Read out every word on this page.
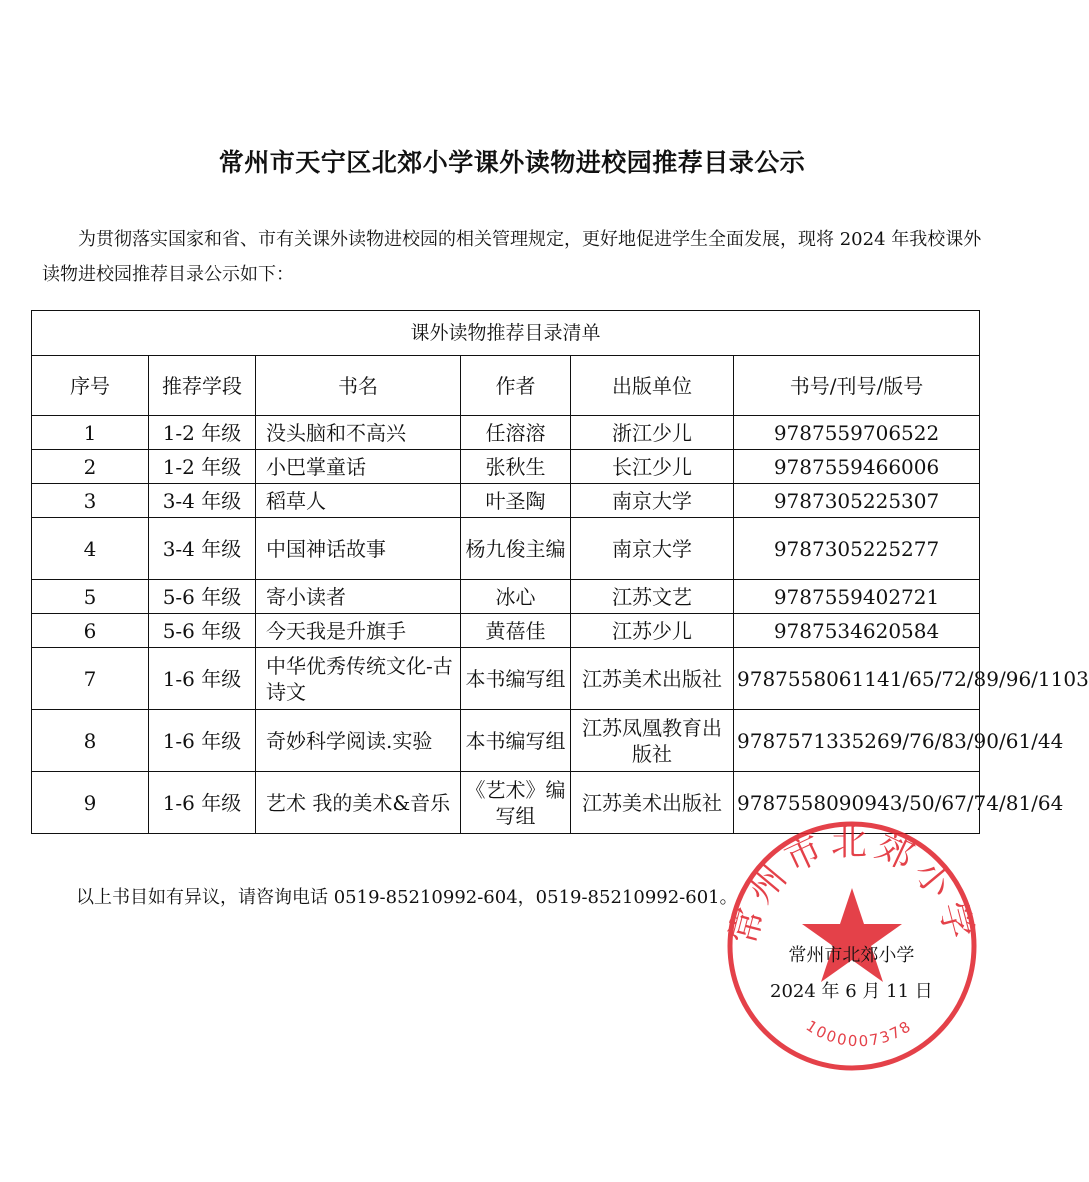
常州市天宁区北郊小学课外读物进校园推荐目录公示
为贯彻落实国家和省、市有关课外读物进校园的相关管理规定，更好地促进学生全面发展，现将 2024 年我校课外读物进校园推荐目录公示如下：
课外读物推荐目录清单					
序号	推荐学段	书名	作者	出版单位	书号/刊号/版号
1	1-2 年级	没头脑和不高兴	任溶溶	浙江少儿	9787559706522
2	1-2 年级	小巴掌童话	张秋生	长江少儿	9787559466006
3	3-4 年级	稻草人	叶圣陶	南京大学	9787305225307
4	3-4 年级	中国神话故事	杨九俊主编	南京大学	9787305225277
5	5-6 年级	寄小读者	冰心	江苏文艺	9787559402721
6	5-6 年级	今天我是升旗手	黄蓓佳	江苏少儿	9787534620584
7	1-6 年级	中华优秀传统文化-古诗文	本书编写组	江苏美术出版社	9787558061141/65/72/89/96/1103
8	1-6 年级	奇妙科学阅读.实验	本书编写组	江苏凤凰教育出版社	9787571335269/76/83/90/61/44
9	1-6 年级	艺术 我的美术&音乐	《艺术》编写组	江苏美术出版社	9787558090943/50/67/74/81/64
以上书目如有异议，请咨询电话 0519-85210992-604，0519-85210992-601。
常州市北郊小学
1000007378
常州市北郊小学
2024 年 6 月 11 日
